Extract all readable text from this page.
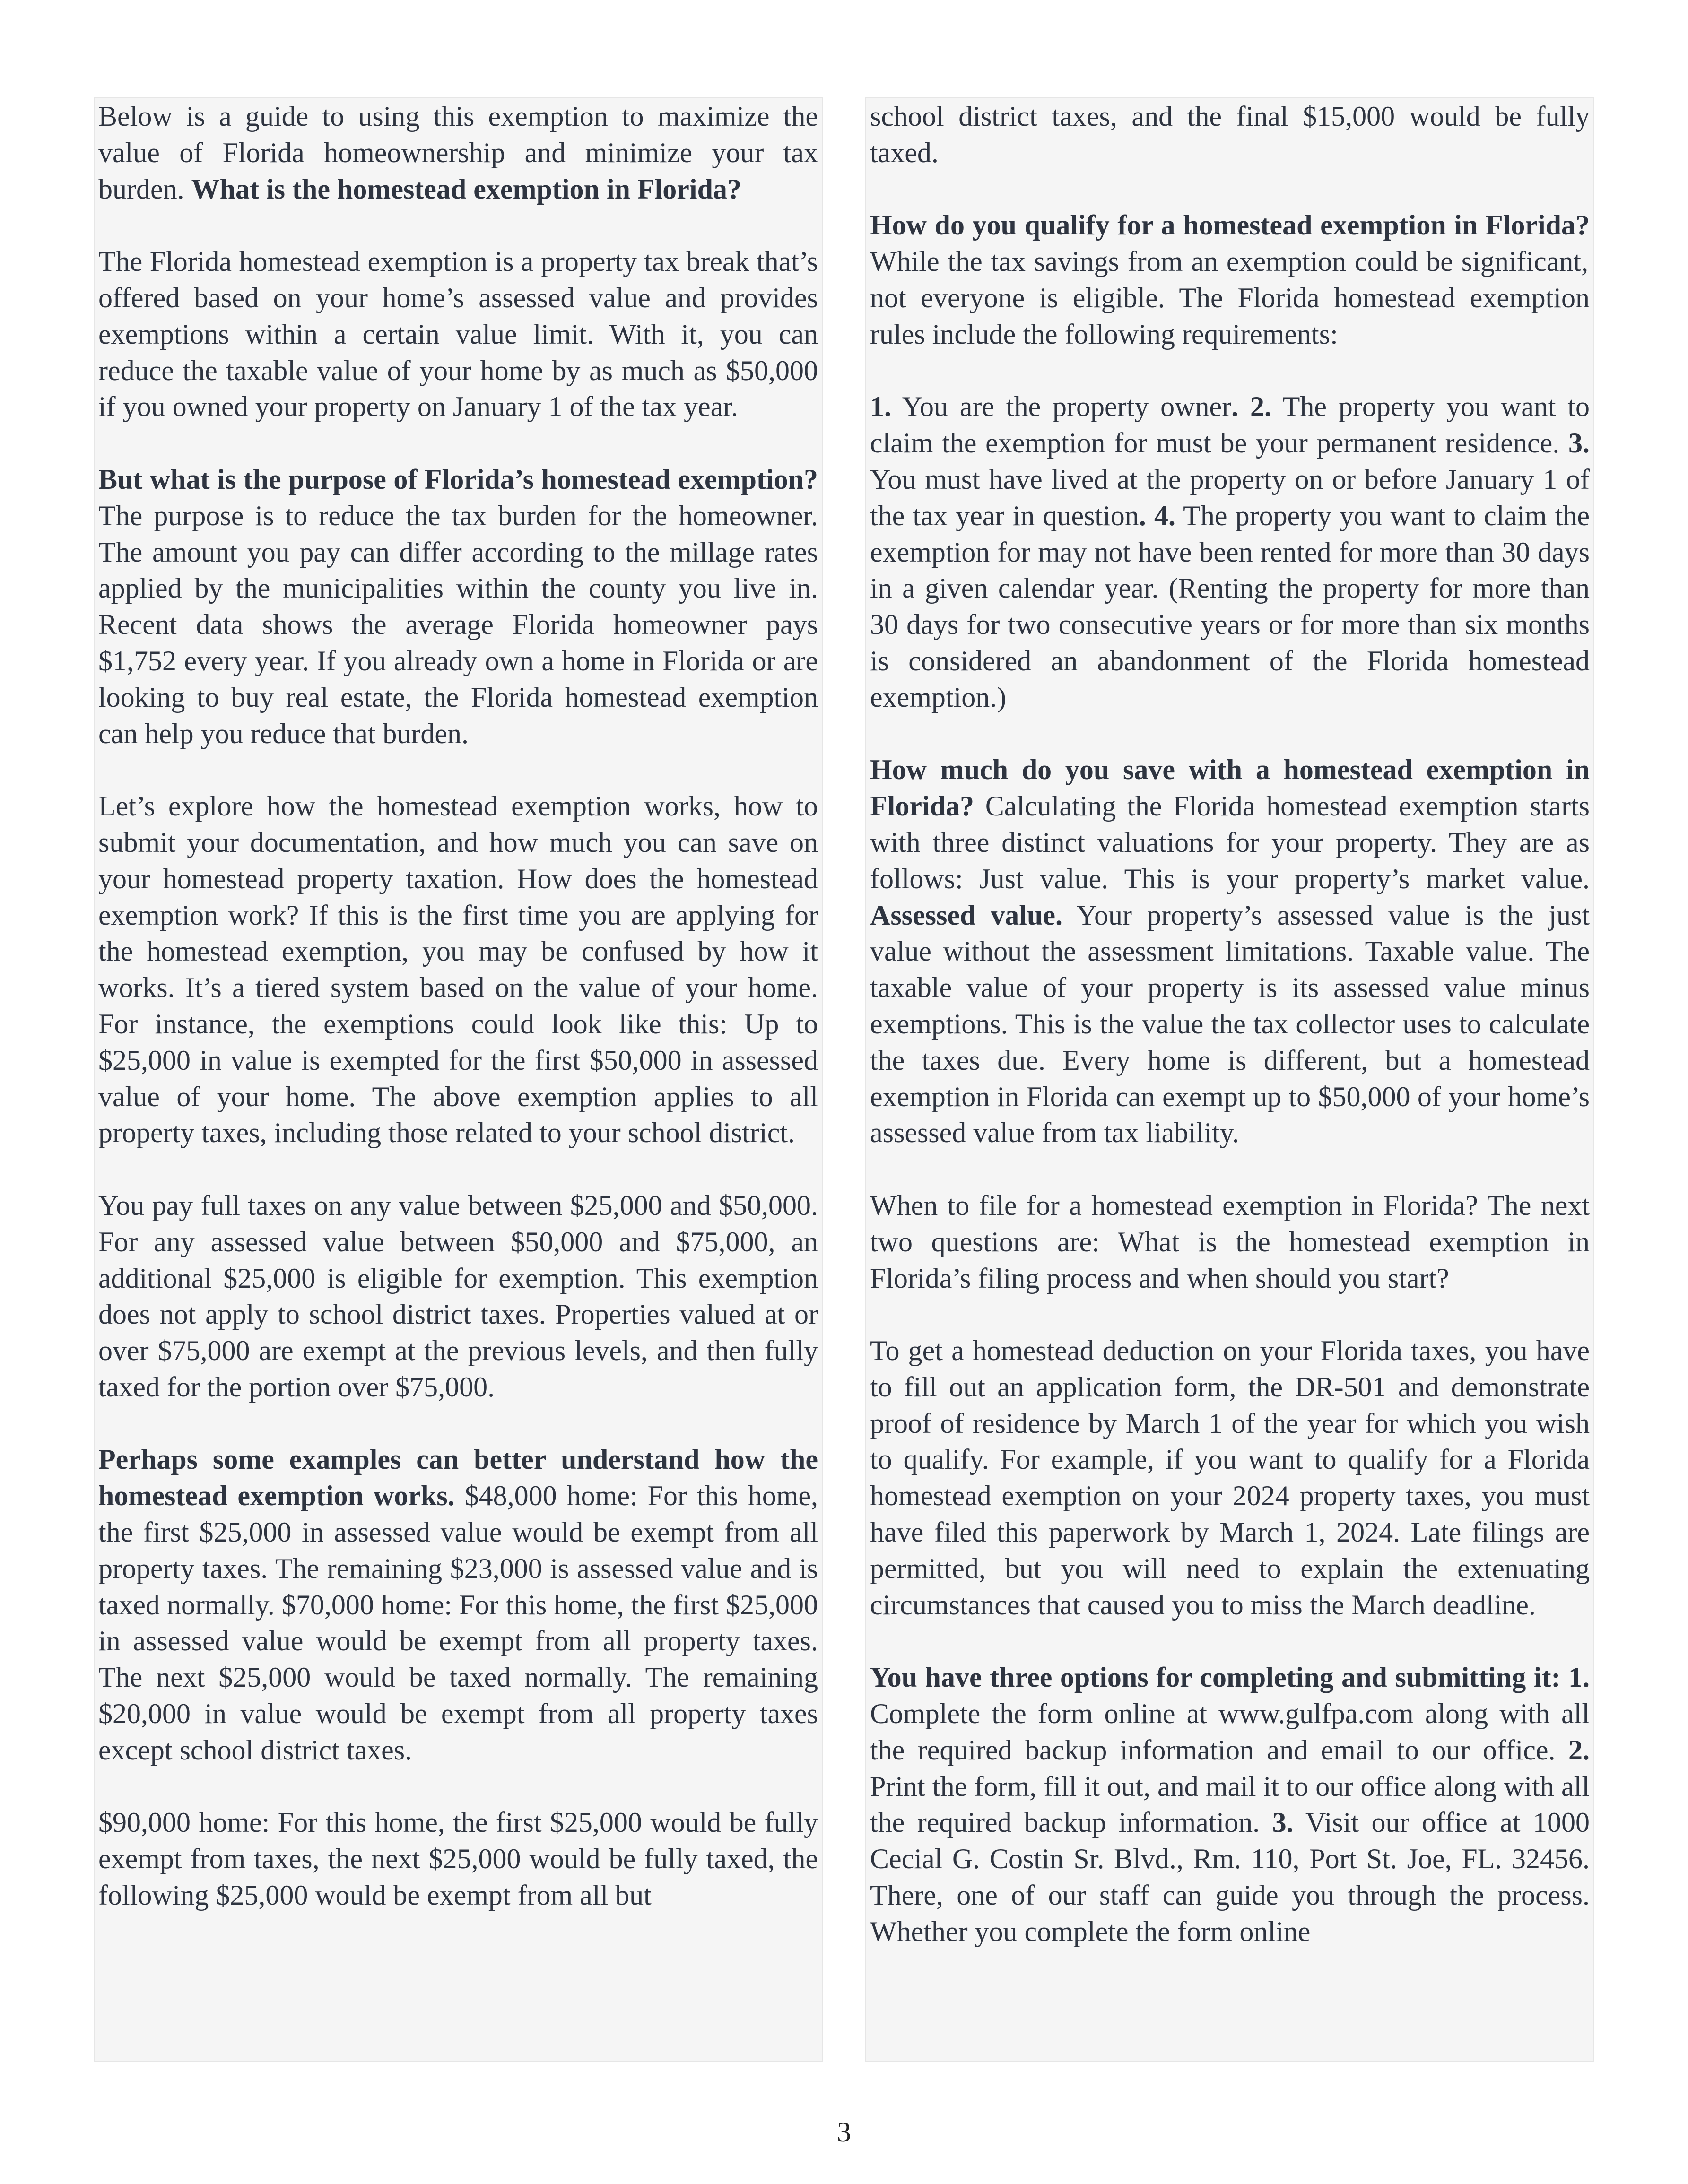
Below is a guide to using this exemption to maximize the value of Florida homeownership and minimize your tax burden. What is the homestead exemption in Florida?

The Florida homestead exemption is a property tax break that’s offered based on your home’s assessed value and provides exemptions within a certain value limit. With it, you can reduce the taxable value of your home by as much as $50,000 if you owned your property on January 1 of the tax year.

But what is the purpose of Florida’s homestead exemption? The purpose is to reduce the tax burden for the homeowner. The amount you pay can differ according to the millage rates applied by the municipalities within the county you live in. Recent data shows the average Florida homeowner pays $1,752 every year. If you already own a home in Florida or are looking to buy real estate, the Florida homestead exemption can help you reduce that burden.

Let’s explore how the homestead exemption works, how to submit your documentation, and how much you can save on your homestead property taxation. How does the homestead exemption work? If this is the first time you are applying for the homestead exemption, you may be confused by how it works. It’s a tiered system based on the value of your home. For instance, the exemptions could look like this: Up to $25,000 in value is exempted for the first $50,000 in assessed value of your home. The above exemption applies to all property taxes, including those related to your school district.

You pay full taxes on any value between $25,000 and $50,000. For any assessed value between $50,000 and $75,000, an additional $25,000 is eligible for exemption. This exemption does not apply to school district taxes. Properties valued at or over $75,000 are exempt at the previous levels, and then fully taxed for the portion over $75,000.

Perhaps some examples can better understand how the homestead exemption works. $48,000 home: For this home, the first $25,000 in assessed value would be exempt from all property taxes. The remaining $23,000 is assessed value and is taxed normally. $70,000 home: For this home, the first $25,000 in assessed value would be exempt from all property taxes. The next $25,000 would be taxed normally. The remaining $20,000 in value would be exempt from all property taxes except school district taxes.

$90,000 home: For this home, the first $25,000 would be fully exempt from taxes, the next $25,000 would be fully taxed, the following $25,000 would be exempt from all but

school district taxes, and the final $15,000 would be fully taxed.

How do you qualify for a homestead exemption in Florida? While the tax savings from an exemption could be significant, not everyone is eligible. The Florida homestead exemption rules include the following requirements:

1. You are the property owner. 2. The property you want to claim the exemption for must be your permanent residence. 3. You must have lived at the property on or before January 1 of the tax year in question. 4. The property you want to claim the exemption for may not have been rented for more than 30 days in a given calendar year. (Renting the property for more than 30 days for two consecutive years or for more than six months is considered an abandonment of the Florida homestead exemption.)

How much do you save with a homestead exemption in Florida? Calculating the Florida homestead exemption starts with three distinct valuations for your property. They are as follows: Just value. This is your property’s market value. Assessed value. Your property’s assessed value is the just value without the assessment limitations. Taxable value. The taxable value of your property is its assessed value minus exemptions. This is the value the tax collector uses to calculate the taxes due. Every home is different, but a homestead exemption in Florida can exempt up to $50,000 of your home’s assessed value from tax liability.

When to file for a homestead exemption in Florida? The next two questions are: What is the homestead exemption in Florida’s filing process and when should you start?

To get a homestead deduction on your Florida taxes, you have to fill out an application form, the DR-501 and demonstrate proof of residence by March 1 of the year for which you wish to qualify. For example, if you want to qualify for a Florida homestead exemption on your 2024 property taxes, you must have filed this paperwork by March 1, 2024. Late filings are permitted, but you will need to explain the extenuating circumstances that caused you to miss the March deadline.

You have three options for completing and submitting it: 1. Complete the form online at www.gulfpa.com along with all the required backup information and email to our office. 2. Print the form, fill it out, and mail it to our office along with all the required backup information. 3. Visit our office at 1000 Cecial G. Costin Sr. Blvd., Rm. 110, Port St. Joe, FL. 32456. There, one of our staff can guide you through the process. Whether you complete the form online

3
